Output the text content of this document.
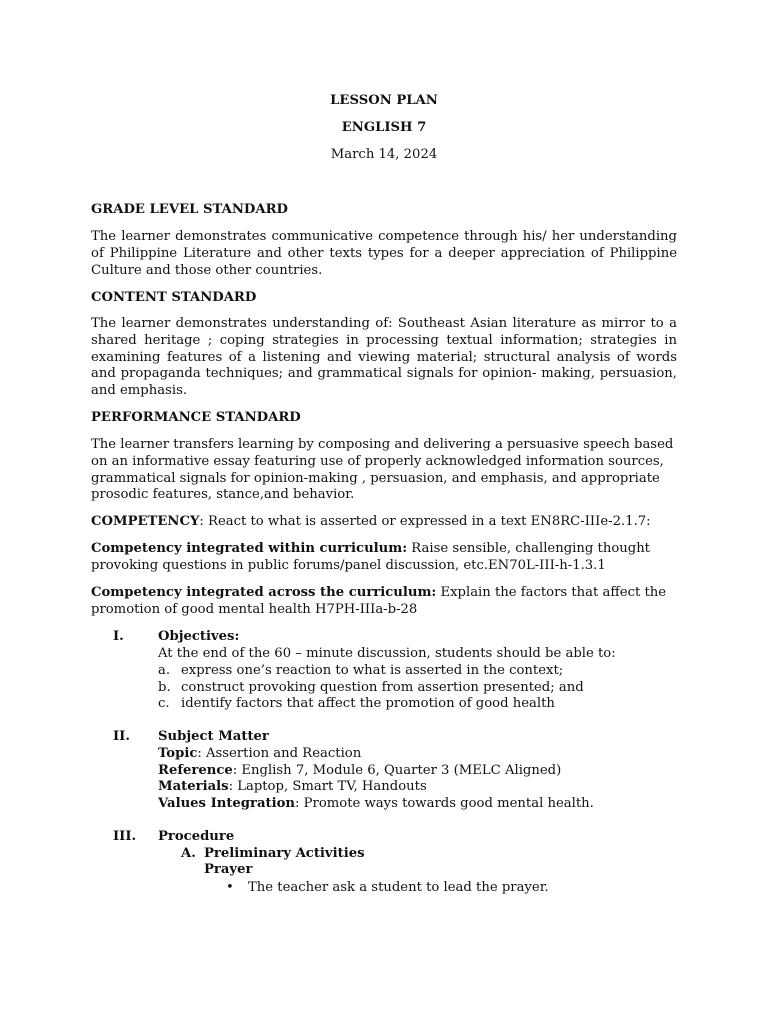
LESSON PLAN
ENGLISH 7
March 14, 2024
GRADE LEVEL STANDARD
The learner demonstrates communicative competence through his/ her understanding of Philippine Literature and other texts types for a deeper appreciation of Philippine Culture and those other countries.
CONTENT STANDARD
The learner demonstrates understanding of: Southeast Asian literature as mirror to a shared heritage ; coping strategies in processing textual information; strategies in examining features of a listening and viewing material; structural analysis of words and propaganda techniques; and grammatical signals for opinion- making, persuasion, and emphasis.
PERFORMANCE STANDARD
The learner transfers learning by composing and delivering a persuasive speech based on an informative essay featuring use of properly acknowledged information sources, grammatical signals for opinion-making , persuasion, and emphasis, and appropriate prosodic features, stance,and behavior.
COMPETENCY: React to what is asserted or expressed in a text EN8RC-IIIe-2.1.7:
Competency integrated within curriculum: Raise sensible, challenging thought provoking questions in public forums/panel discussion, etc.EN70L-III-h-1.3.1
Competency integrated across the curriculum: Explain the factors that affect the promotion of good mental health H7PH-IIIa-b-28
I.	Objectives:
At the end of the 60 – minute discussion, students should be able to:
a. express one’s reaction to what is asserted in the context;
b. construct provoking question from assertion presented; and
c. identify factors that affect the promotion of good health
II. Subject Matter
Topic: Assertion and Reaction
Reference: English 7, Module 6, Quarter 3 (MELC Aligned)
Materials: Laptop, Smart TV, Handouts
Values Integration: Promote ways towards good mental health.
III. Procedure
A. Preliminary Activities
Prayer
• The teacher ask a student to lead the prayer.
